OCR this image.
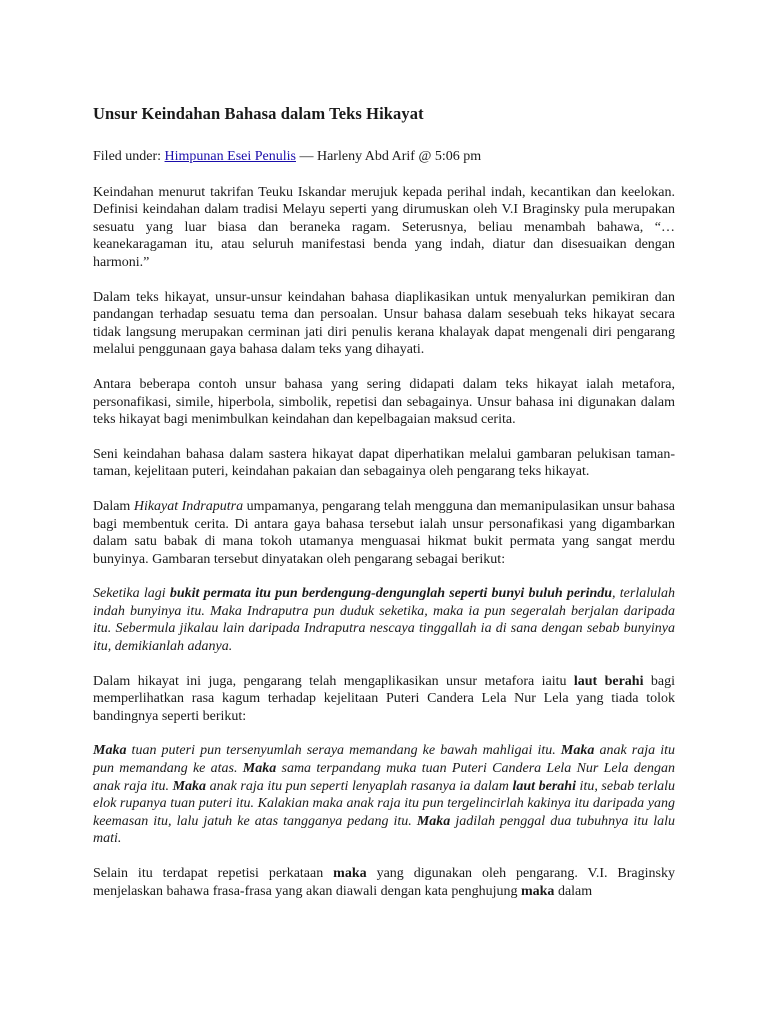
Unsur Keindahan Bahasa dalam Teks Hikayat

Filed under: Himpunan Esei Penulis — Harleny Abd Arif @ 5:06 pm

Keindahan menurut takrifan Teuku Iskandar merujuk kepada perihal indah, kecantikan dan keelokan. Definisi keindahan dalam tradisi Melayu seperti yang dirumuskan oleh V.I Braginsky pula merupakan sesuatu yang luar biasa dan beraneka ragam. Seterusnya, beliau menambah bahawa, “…keanekaragaman itu, atau seluruh manifestasi benda yang indah, diatur dan disesuaikan dengan harmoni.”

Dalam teks hikayat, unsur-unsur keindahan bahasa diaplikasikan untuk menyalurkan pemikiran dan pandangan terhadap sesuatu tema dan persoalan. Unsur bahasa dalam sesebuah teks hikayat secara tidak langsung merupakan cerminan jati diri penulis kerana khalayak dapat mengenali diri pengarang melalui penggunaan gaya bahasa dalam teks yang dihayati.

Antara beberapa contoh unsur bahasa yang sering didapati dalam teks hikayat ialah metafora, personafikasi, simile, hiperbola, simbolik, repetisi dan sebagainya. Unsur bahasa ini digunakan dalam teks hikayat bagi menimbulkan keindahan dan kepelbagaian maksud cerita.

Seni keindahan bahasa dalam sastera hikayat dapat diperhatikan melalui gambaran pelukisan taman-taman, kejelitaan puteri, keindahan pakaian dan sebagainya oleh pengarang teks hikayat.

Dalam Hikayat Indraputra umpamanya, pengarang telah mengguna dan memanipulasikan unsur bahasa bagi membentuk cerita. Di antara gaya bahasa tersebut ialah unsur personafikasi yang digambarkan dalam satu babak di mana tokoh utamanya menguasai hikmat bukit permata yang sangat merdu bunyinya. Gambaran tersebut dinyatakan oleh pengarang sebagai berikut:

Seketika lagi bukit permata itu pun berdengung-dengunglah seperti bunyi buluh perindu, terlalulah indah bunyinya itu. Maka Indraputra pun duduk seketika, maka ia pun segeralah berjalan daripada itu. Sebermula jikalau lain daripada Indraputra nescaya tinggallah ia di sana dengan sebab bunyinya itu, demikianlah adanya.

Dalam hikayat ini juga, pengarang telah mengaplikasikan unsur metafora iaitu laut berahi bagi memperlihatkan rasa kagum terhadap kejelitaan Puteri Candera Lela Nur Lela yang tiada tolok bandingnya seperti berikut:

Maka tuan puteri pun tersenyumlah seraya memandang ke bawah mahligai itu. Maka anak raja itu pun memandang ke atas. Maka sama terpandang muka tuan Puteri Candera Lela Nur Lela dengan anak raja itu. Maka anak raja itu pun seperti lenyaplah rasanya ia dalam laut berahi itu, sebab terlalu elok rupanya tuan puteri itu. Kalakian maka anak raja itu pun tergelincirlah kakinya itu daripada yang keemasan itu, lalu jatuh ke atas tangganya pedang itu. Maka jadilah penggal dua tubuhnya itu lalu mati.

Selain itu terdapat repetisi perkataan maka yang digunakan oleh pengarang. V.I. Braginsky menjelaskan bahawa frasa-frasa yang akan diawali dengan kata penghujung maka dalam
